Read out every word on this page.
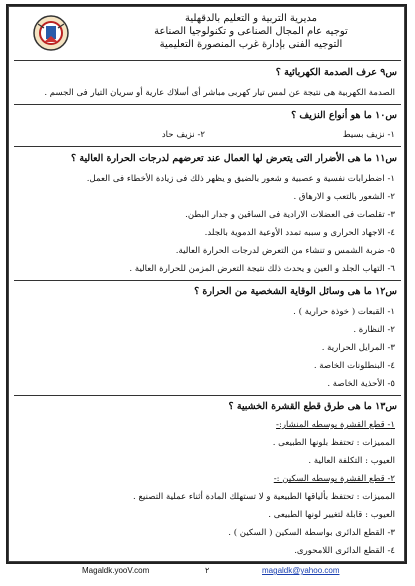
مديرية التربية و التعليم بالدقهلية
توجيه عام المجال الصناعى و تكنولوجيا الصناعة
التوجيه الفنى بإدارة غرب المنصورة التعليمية
س٩ عرف الصدمة الكهربائية ؟
الصدمة الكهربية هى نتيجة عن لمس تيار كهربى مباشر أى أسلاك عارية أو سريان التيار فى الجسم .
س١٠ ما هو أنواع النزيف ؟
١- نزيف بسيط
٢- نزيف حاد
س١١ ما هى الأضرار التى يتعرض لها العمال عند تعرضهم لدرجات الحرارة العالية ؟
١- اضطرابات نفسية و عصبية و شعور بالضيق و يظهر ذلك فى زيادة الأخطاء فى العمل.
٢- الشعور بالتعب و الارهاق .
٣- تقلصات فى العضلات الارادية فى الساقين و جدار البطن.
٤- الاجهاد الحرارى و سببه تمدد الأوعية الدموية بالجلد.
٥- ضربة الشمس و تنشاء من التعرض لدرجات الحرارة العالية.
٦- التهاب الجلد و العين و يحدث ذلك نتيجة التعرض المزمن للحرارة العالية .
س١٢ ما هى وسائل الوقاية الشخصية من الحرارة ؟
١- القبعات ( خوذة حرارية ) .
٢- النظارة .
٣- المرايل الحرارية .
٤- البنطلونات الخاصة .
٥- الأحذية الخاصة .
س١٣ ما هى طرق قطع القشرة الخشبية ؟
١- قطع القشرة بوسطه المنشار:-
المميزات : تحتفظ بلونها الطبيعى .
العيوب : التكلفة العالية .
٢- قطع القشرة بوسطه السكين :-
المميزات : تحتفظ بألياقها الطبيعية و لا تستهلك المادة أثناء عملية التصنيع .
العيوب : قابلة لتغيير لونها الطبيعى .
٣- القطع الدائرى بواسطة السكين ( السكين ) .
٤- القطع الدائرى اللامحورى.
Magaldk.yooV.com	٢	magaldk@yahoo.com
